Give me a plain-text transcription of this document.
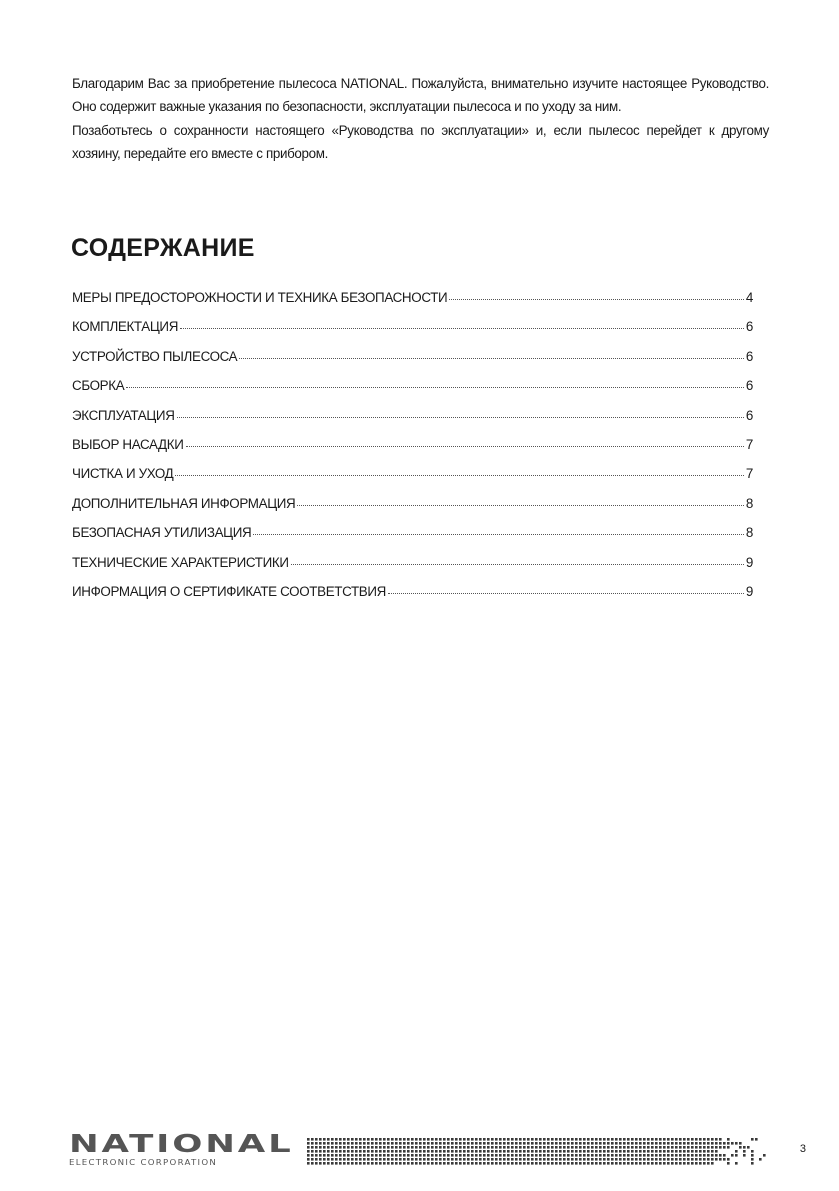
Благодарим Вас за приобретение пылесоса NATIONAL. Пожалуйста, внимательно изучите настоящее Руководство. Оно содержит важные указания по безопасности, эксплуатации пылесоса и по уходу за ним.

Позаботьтесь о сохранности настоящего «Руководства по эксплуатации» и, если пылесос перейдет к другому хозяину, передайте его вместе с прибором.

СОДЕРЖАНИЕ
МЕРЫ ПРЕДОСТОРОЖНОСТИ И ТЕХНИКА БЕЗОПАСНОСТИ	4
КОМПЛЕКТАЦИЯ	6
УСТРОЙСТВО ПЫЛЕСОСА	6
СБОРКА	6
ЭКСПЛУАТАЦИЯ	6
ВЫБОР НАСАДКИ	7
ЧИСТКА И УХОД	7
ДОПОЛНИТЕЛЬНАЯ ИНФОРМАЦИЯ	8
БЕЗОПАСНАЯ УТИЛИЗАЦИЯ	8
ТЕХНИЧЕСКИЕ ХАРАКТЕРИСТИКИ	9
ИНФОРМАЦИЯ О СЕРТИФИКАТЕ СООТВЕТСТВИЯ	9
NATIONAL
ELECTRONIC CORPORATION
3
